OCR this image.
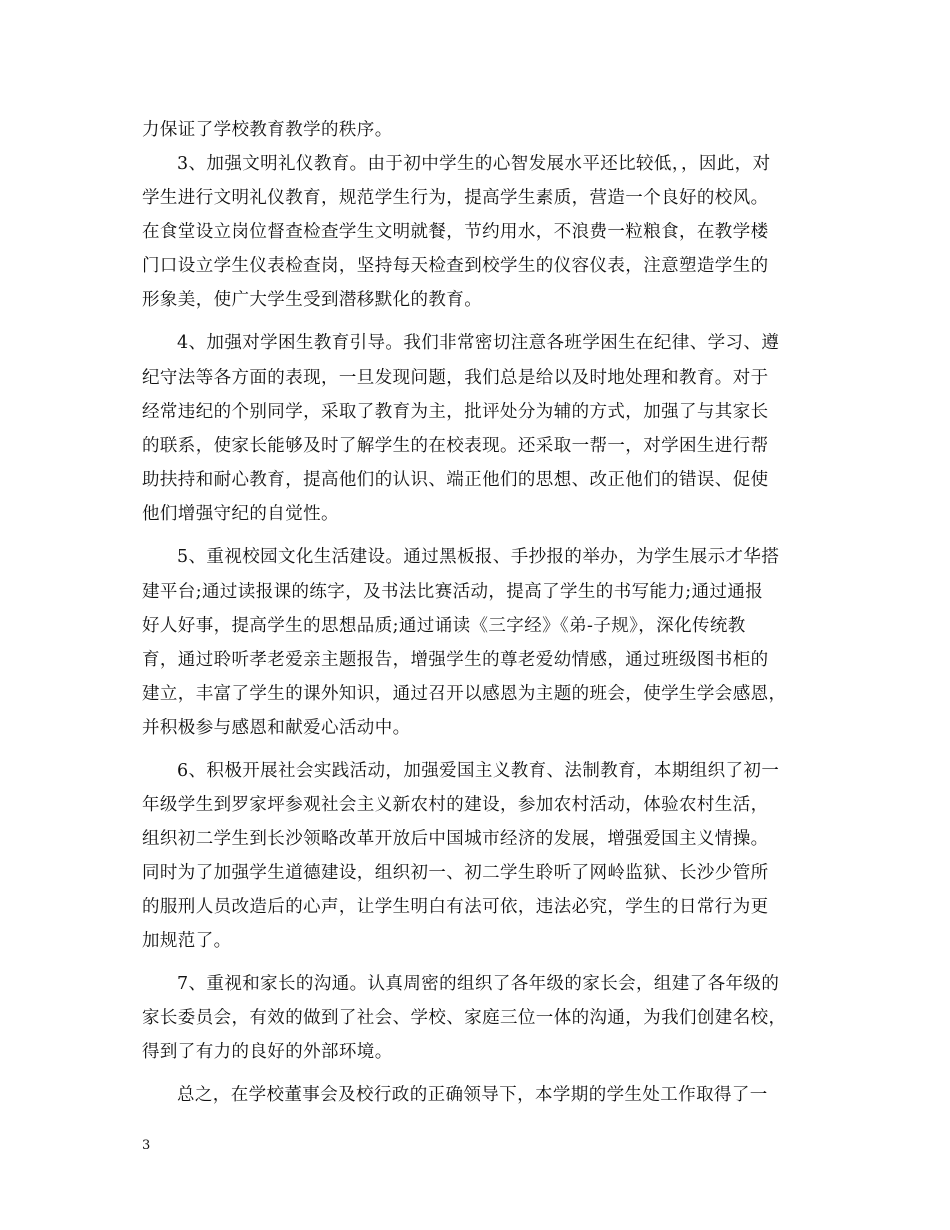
力保证了学校教育教学的秩序。
3、加强文明礼仪教育。由于初中学生的心智发展水平还比较低，，因此，对
学生进行文明礼仪教育，规范学生行为，提高学生素质，营造一个良好的校风。
在食堂设立岗位督查检查学生文明就餐，节约用水，不浪费一粒粮食，在教学楼
门口设立学生仪表检查岗，坚持每天检查到校学生的仪容仪表，注意塑造学生的
形象美，使广大学生受到潜移默化的教育。
4、加强对学困生教育引导。我们非常密切注意各班学困生在纪律、学习、遵
纪守法等各方面的表现，一旦发现问题，我们总是给以及时地处理和教育。对于
经常违纪的个别同学，采取了教育为主，批评处分为辅的方式，加强了与其家长
的联系，使家长能够及时了解学生的在校表现。还采取一帮一，对学困生进行帮
助扶持和耐心教育，提高他们的认识、端正他们的思想、改正他们的错误、促使
他们增强守纪的自觉性。
5、重视校园文化生活建设。通过黑板报、手抄报的举办，为学生展示才华搭
建平台;通过读报课的练字，及书法比赛活动，提高了学生的书写能力;通过通报
好人好事，提高学生的思想品质;通过诵读《三字经》《弟-子规》，深化传统教
育，通过聆听孝老爱亲主题报告，增强学生的尊老爱幼情感，通过班级图书柜的
建立，丰富了学生的课外知识，通过召开以感恩为主题的班会，使学生学会感恩，
并积极参与感恩和献爱心活动中。
6、积极开展社会实践活动，加强爱国主义教育、法制教育，本期组织了初一
年级学生到罗家坪参观社会主义新农村的建设，参加农村活动，体验农村生活，
组织初二学生到长沙领略改革开放后中国城市经济的发展，增强爱国主义情操。
同时为了加强学生道德建设，组织初一、初二学生聆听了网岭监狱、长沙少管所
的服刑人员改造后的心声，让学生明白有法可依，违法必究，学生的日常行为更
加规范了。
7、重视和家长的沟通。认真周密的组织了各年级的家长会，组建了各年级的
家长委员会，有效的做到了社会、学校、家庭三位一体的沟通，为我们创建名校，
得到了有力的良好的外部环境。
总之，在学校董事会及校行政的正确领导下，本学期的学生处工作取得了一
3
